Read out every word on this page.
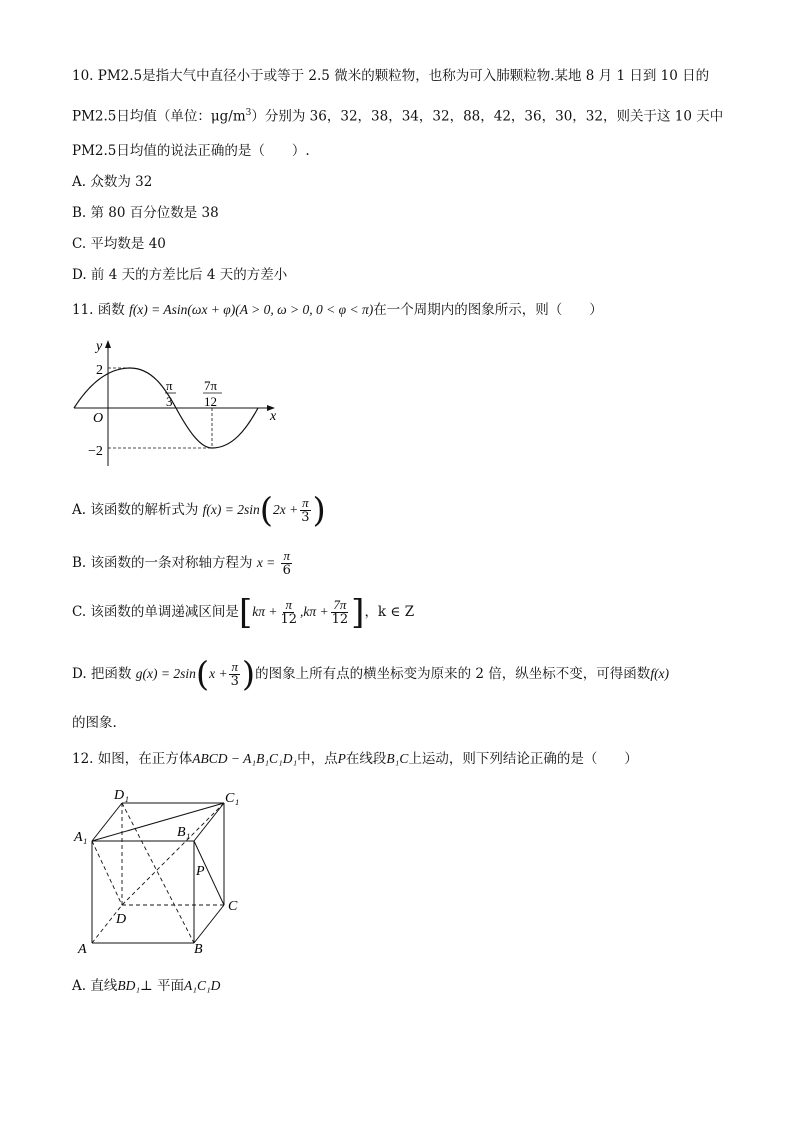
10. PM2.5是指大气中直径小于或等于 2.5 微米的颗粒物，也称为可入肺颗粒物.某地 8 月 1 日到 10 日的
PM2.5日均值（单位：$\mu g/m^3$）分别为 36，32，38，34，32，88，42，36，30，32，则关于这 10 天中
PM2.5日均值的说法正确的是（　　）.
A. 众数为 32
B. 第 80 百分位数是 38
C. 平均数是 40
D. 前 4 天的方差比后 4 天的方差小
11. 函数 f(x) = Asin(ωx + φ)(A > 0, ω > 0, 0 < φ < π)在一个周期内的图象所示，则（　　）
y
x
O
2
−2
π
3
7π
12
A. 该函数的解析式为 $f(x) = 2\sin(2x + \frac{\pi}{3}$ )
B. 该函数的一条对称轴方程为 $x = \frac{\pi}{6}$
C. 该函数的单调递减区间是[$k\pi + \frac{\pi}{12} ,k\pi + \frac{7\pi}{12}$ ]，k ∈ Z
D. 把函数 $g(x) = 2\sin(x + \frac{\pi}{3}$ )的图象上所有点的横坐标变为原来的 2 倍，纵坐标不变，可得函数f(x)
的图象.
12. 如图，在正方体ABCD − A₁B₁C₁D₁中，点P在线段B₁C上运动，则下列结论正确的是（　　）
D₁	C₁
A₁	B₁
P
D
C
A	B
A. 直线BD₁⊥ 平面A₁C₁D
